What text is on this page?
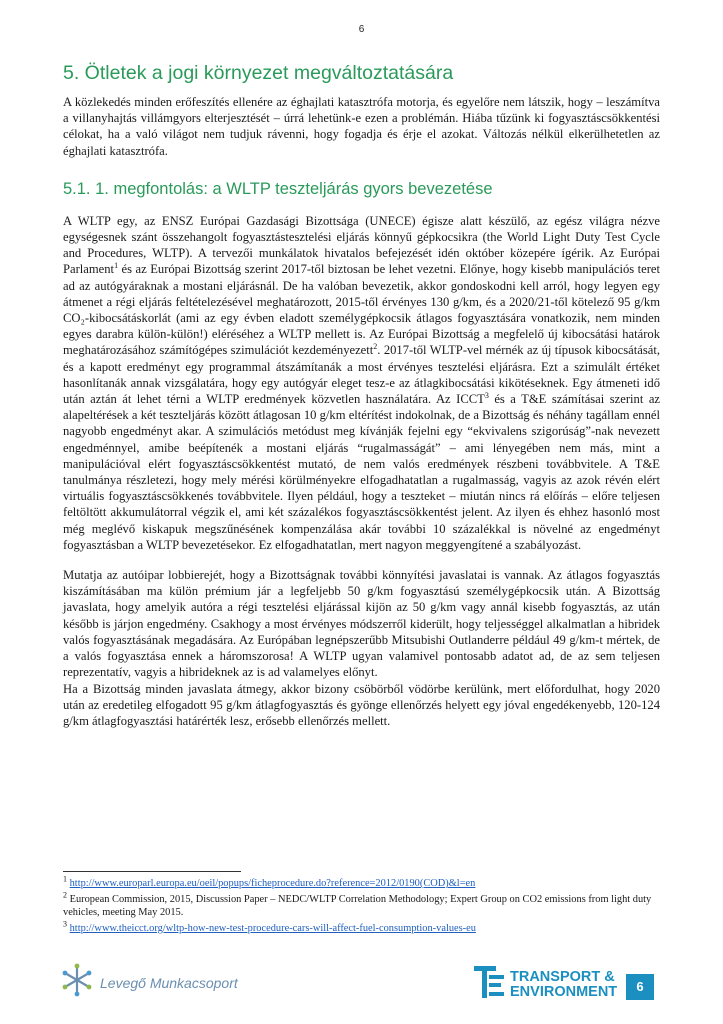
6
5. Ötletek a jogi környezet megváltoztatására

A közlekedés minden erőfeszítés ellenére az éghajlati katasztrófa motorja, és egyelőre nem látszik, hogy – leszámítva a villanyhajtás villámgyors elterjesztését – úrrá lehetünk-e ezen a problémán. Hiába tűzünk ki fogyasztáscsökkentési célokat, ha a való világot nem tudjuk rávenni, hogy fogadja és érje el azokat. Változás nélkül elkerülhetetlen az éghajlati katasztrófa.

5.1. 1. megfontolás: a WLTP teszteljárás gyors bevezetése

A WLTP egy, az ENSZ Európai Gazdasági Bizottsága (UNECE) égisze alatt készülő, az egész világra nézve egységesnek szánt összehangolt fogyasztástesztelési eljárás könnyű gépkocsikra (the World Light Duty Test Cycle and Procedures, WLTP). A tervezői munkálatok hivatalos befejezését idén október közepére ígérik. Az Európai Parlament$^1$ és az Európai Bizottság szerint 2017-től biztosan be lehet vezetni. Előnye, hogy kisebb manipulációs teret ad az autógyáraknak a mostani eljárásnál. De ha valóban bevezetik, akkor gondoskodni kell arról, hogy legyen egy átmenet a régi eljárás feltételezésével meghatározott, 2015-től érvényes 130 g/km, és a 2020/21-től kötelező 95 g/km CO₂-kibocsátáskorlát (ami az egy évben eladott személygépkocsik átlagos fogyasztására vonatkozik, nem minden egyes darabra külön-külön!) eléréséhez a WLTP mellett is. Az Európai Bizottság a megfelelő új kibocsátási határok meghatározásához számítógépes szimulációt kezdeményezett$^2$. 2017-től WLTP-vel mérnék az új típusok kibocsátását, és a kapott eredményt egy programmal átszámítanák a most érvényes tesztelési eljárásra. Ezt a szimulált értéket hasonlítanák annak vizsgálatára, hogy egy autógyár eleget tesz-e az átlagkibocsátási kikötéseknek. Egy átmeneti idő után aztán át lehet térni a WLTP eredmények közvetlen használatára. Az ICCT$^3$ és a T&E számításai szerint az alapeltérések a két teszteljárás között átlagosan 10 g/km eltérítést indokolnak, de a Bizottság és néhány tagállam ennél nagyobb engedményt akar. A szimulációs metódust meg kívánják fejelni egy “ekvivalens szigorúság”-nak nevezett engedménnyel, amibe beépítenék a mostani eljárás “rugalmasságát” – ami lényegében nem más, mint a manipulációval elért fogyasztáscsökkentést mutató, de nem valós eredmények részbeni továbbvitele. A T&E tanulmánya részletezi, hogy mely mérési körülményekre elfogadhatatlan a rugalmasság, vagyis az azok révén elért virtuális fogyasztáscsökkenés továbbvitele. Ilyen például, hogy a teszteket – miután nincs rá előírás – előre teljesen feltöltött akkumulátorral végzik el, ami két százalékos fogyasztáscsökkentést jelent. Az ilyen és ehhez hasonló most még meglévő kiskapuk megszűnésének kompenzálása akár további 10 százalékkal is növelné az engedményt fogyasztásban a WLTP bevezetésekor. Ez elfogadhatatlan, mert nagyon meggyengítené a szabályozást.

Mutatja az autóipar lobbierejét, hogy a Bizottságnak további könnyítési javaslatai is vannak. Az átlagos fogyasztás kiszámításában ma külön prémium jár a legfeljebb 50 g/km fogyasztású személygépkocsik után. A Bizottság javaslata, hogy amelyik autóra a régi tesztelési eljárással kijön az 50 g/km vagy annál kisebb fogyasztás, az után később is járjon engedmény. Csakhogy a most érvényes módszerről kiderült, hogy teljességgel alkalmatlan a hibridek valós fogyasztásának megadására. Az Európában legnépszerűbb Mitsubishi Outlanderre például 49 g/km-t mértek, de a valós fogyasztása ennek a háromszorosa! A WLTP ugyan valamivel pontosabb adatot ad, de az sem teljesen reprezentatív, vagyis a hibrideknek az is ad valamelyes előnyt.

Ha a Bizottság minden javaslata átmegy, akkor bizony csöbörből vödörbe kerülünk, mert előfordulhat, hogy 2020 után az eredetileg elfogadott 95 g/km átlagfogyasztás és gyönge ellenőrzés helyett egy jóval engedékenyebb, 120-124 g/km átlagfogyasztási határérték lesz, erősebb ellenőrzés mellett.

$^1$ http://www.europarl.europa.eu/oeil/popups/ficheprocedure.do?reference=2012/0190(COD)&l=en
$^2$ European Commission, 2015, Discussion Paper – NEDC/WLTP Correlation Methodology; Expert Group on CO2 emissions from light duty vehicles, meeting May 2015.
$^3$ http://www.theicct.org/wltp-how-new-test-procedure-cars-will-affect-fuel-consumption-values-eu
Levegő Munkacsoport	TRANSPORT &
ENVIRONMENT	6
